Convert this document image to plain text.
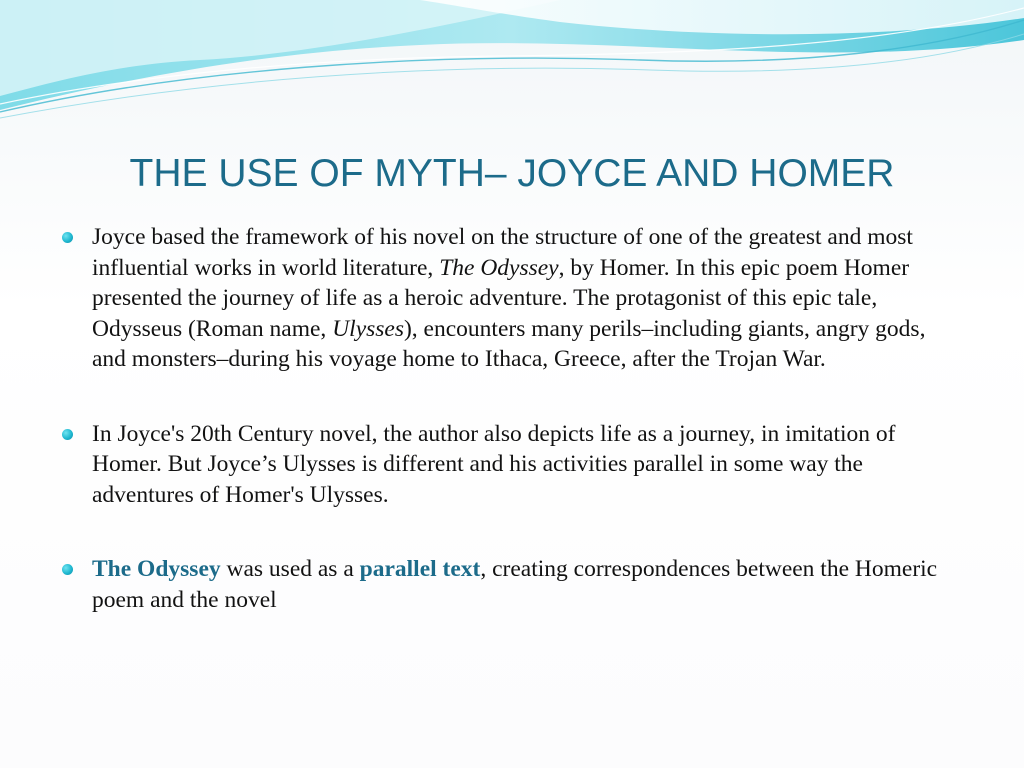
THE USE OF MYTH– JOYCE AND HOMER
Joyce based the framework of his novel on the structure of one of the greatest and most influential works in world literature, The Odyssey, by Homer. In this epic poem Homer presented the journey of life as a heroic adventure. The protagonist of this epic tale, Odysseus (Roman name, Ulysses), encounters many perils–including giants, angry gods, and monsters–during his voyage home to Ithaca, Greece, after the Trojan War.
In Joyce's 20th Century novel, the author also depicts life as a journey, in imitation of Homer. But Joyce’s Ulysses is different and his activities parallel in some way the adventures of Homer's Ulysses.
The Odyssey was used as a parallel text, creating correspondences between the Homeric poem and the novel
